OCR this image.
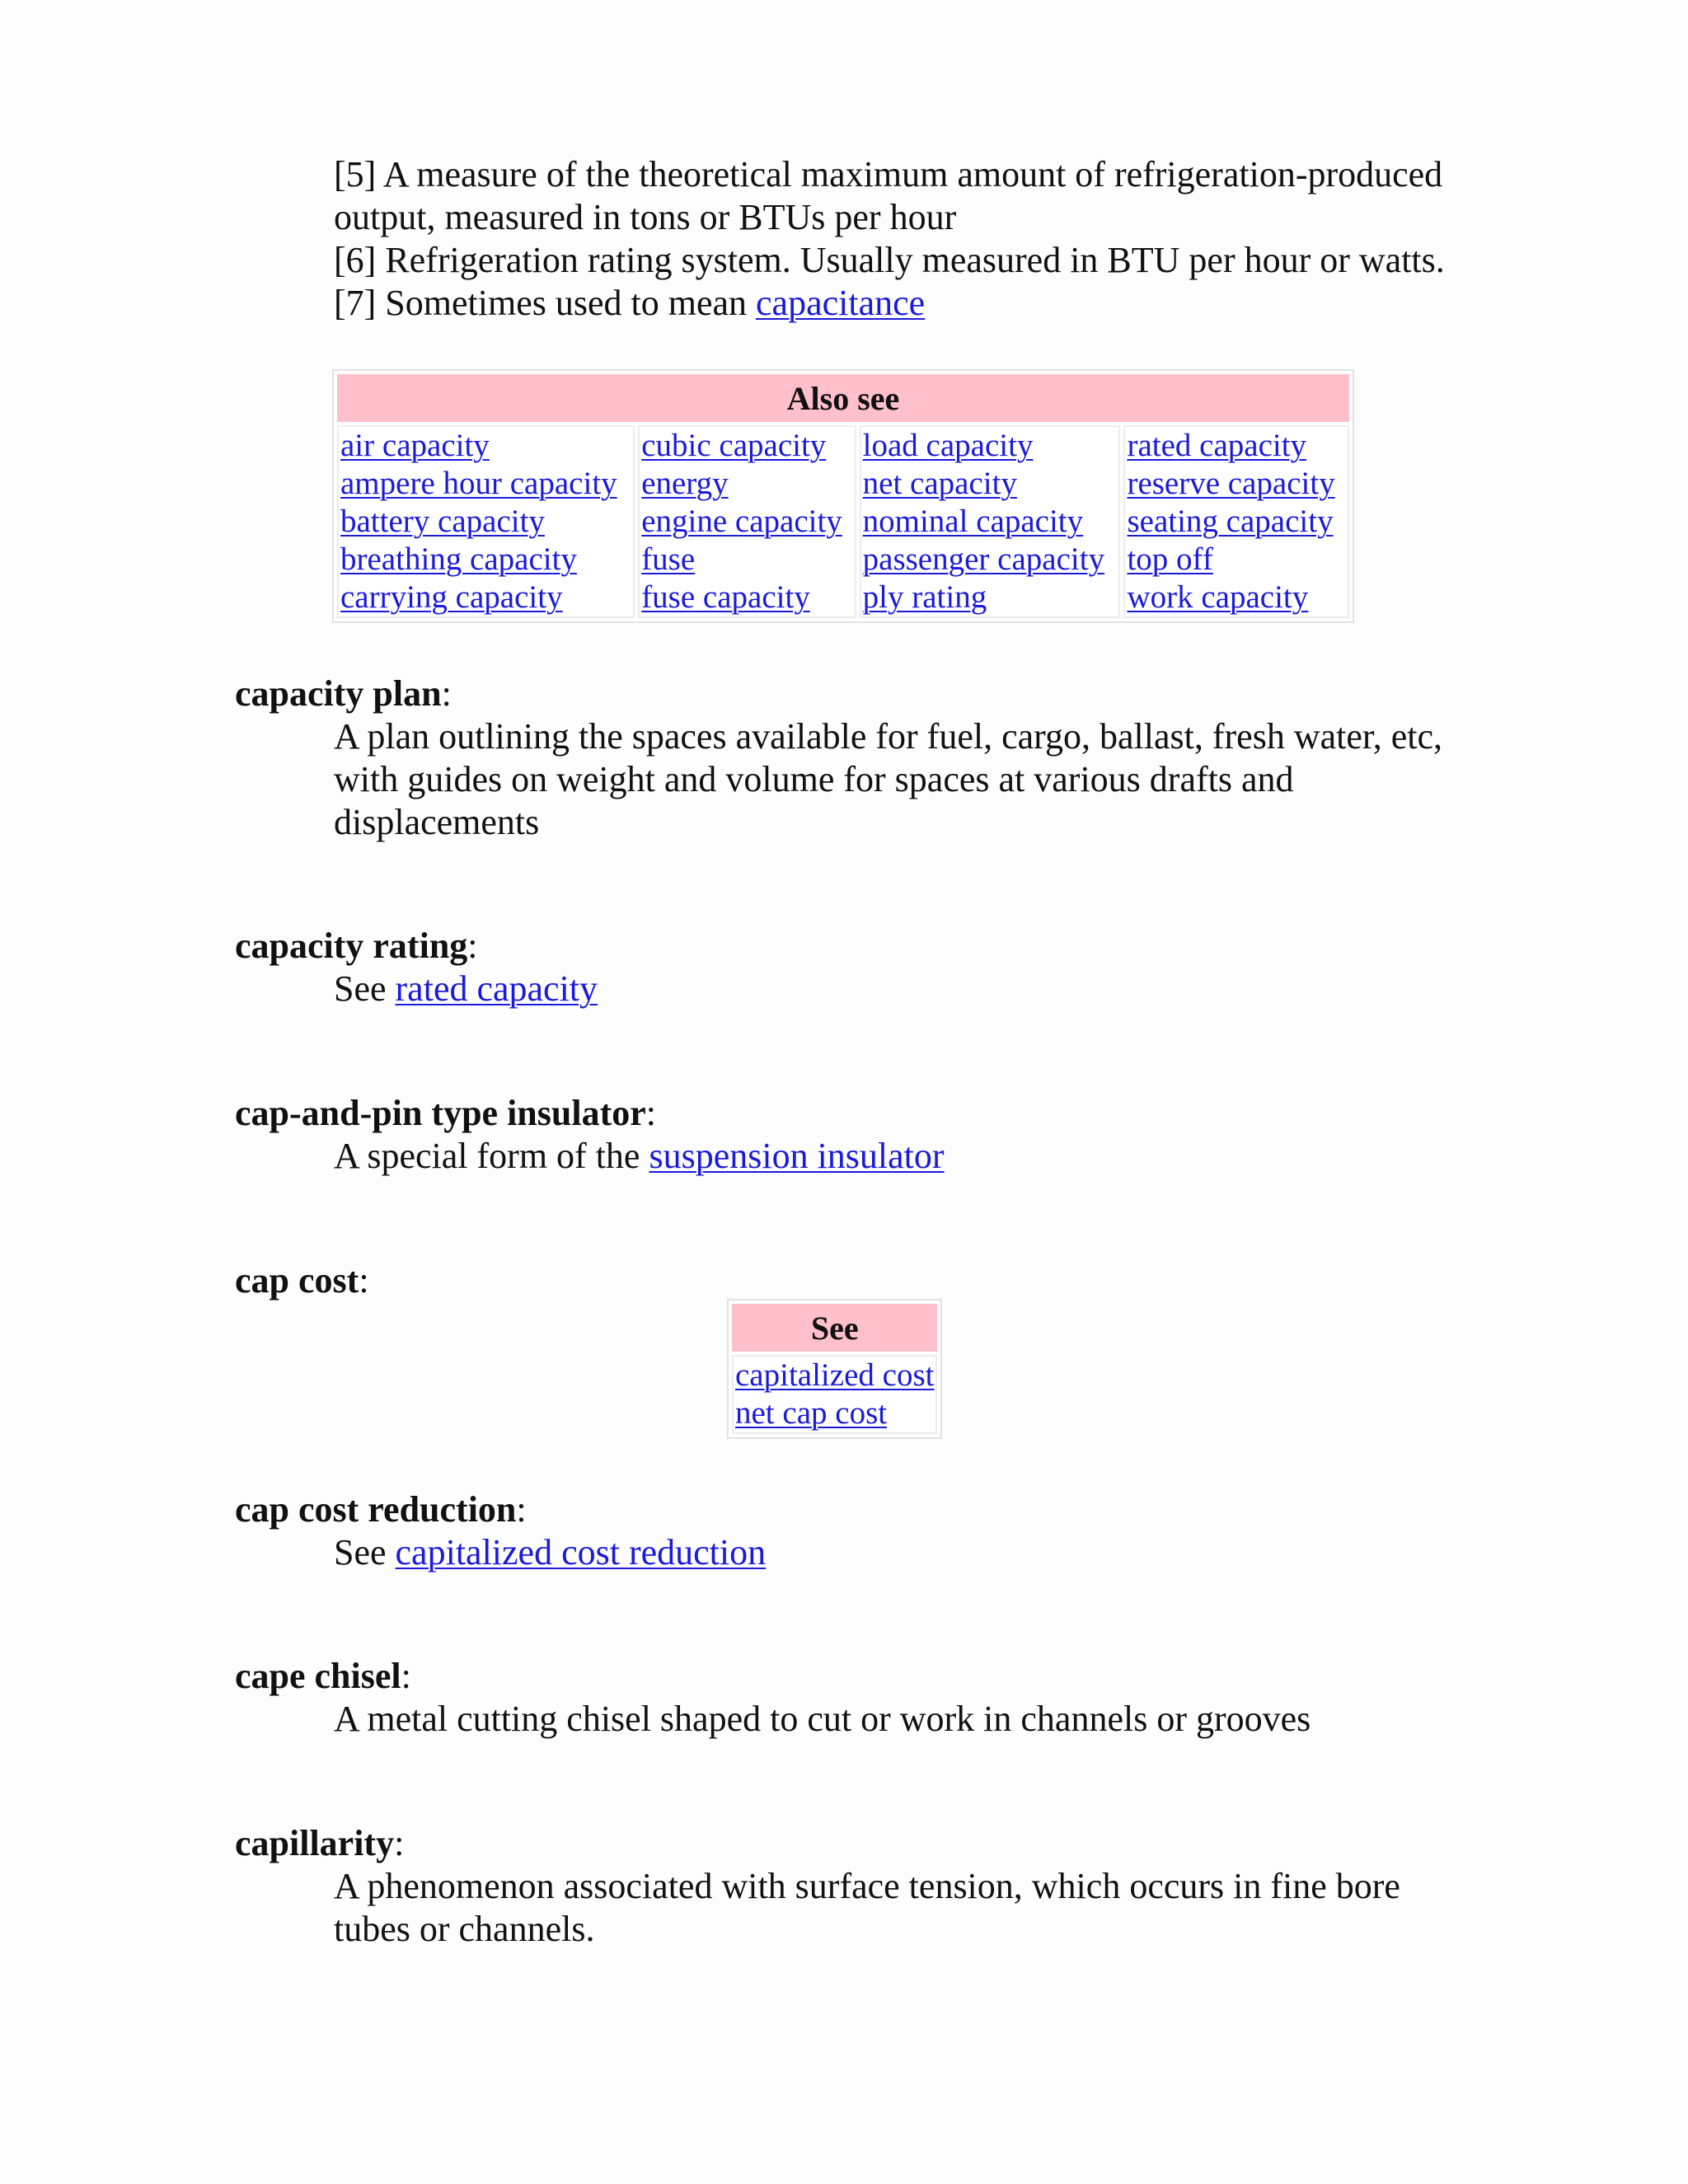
[5] A measure of the theoretical maximum amount of refrigeration-produced output, measured in tons or BTUs per hour
[6] Refrigeration rating system. Usually measured in BTU per hour or watts.
[7] Sometimes used to mean capacitance
Also see

air capacity
ampere hour capacity
battery capacity
breathing capacity
carrying capacity

cubic capacity
energy
engine capacity
fuse
fuse capacity

load capacity
net capacity
nominal capacity
passenger capacity
ply rating

rated capacity
reserve capacity
seating capacity
top off
work capacity
capacity plan:
A plan outlining the spaces available for fuel, cargo, ballast, fresh water, etc, with guides on weight and volume for spaces at various drafts and displacements
capacity rating:
See rated capacity
cap-and-pin type insulator:
A special form of the suspension insulator
cap cost:
See

capitalized cost
net cap cost
cap cost reduction:
See capitalized cost reduction
cape chisel:
A metal cutting chisel shaped to cut or work in channels or grooves
capillarity:
A phenomenon associated with surface tension, which occurs in fine bore tubes or channels.
